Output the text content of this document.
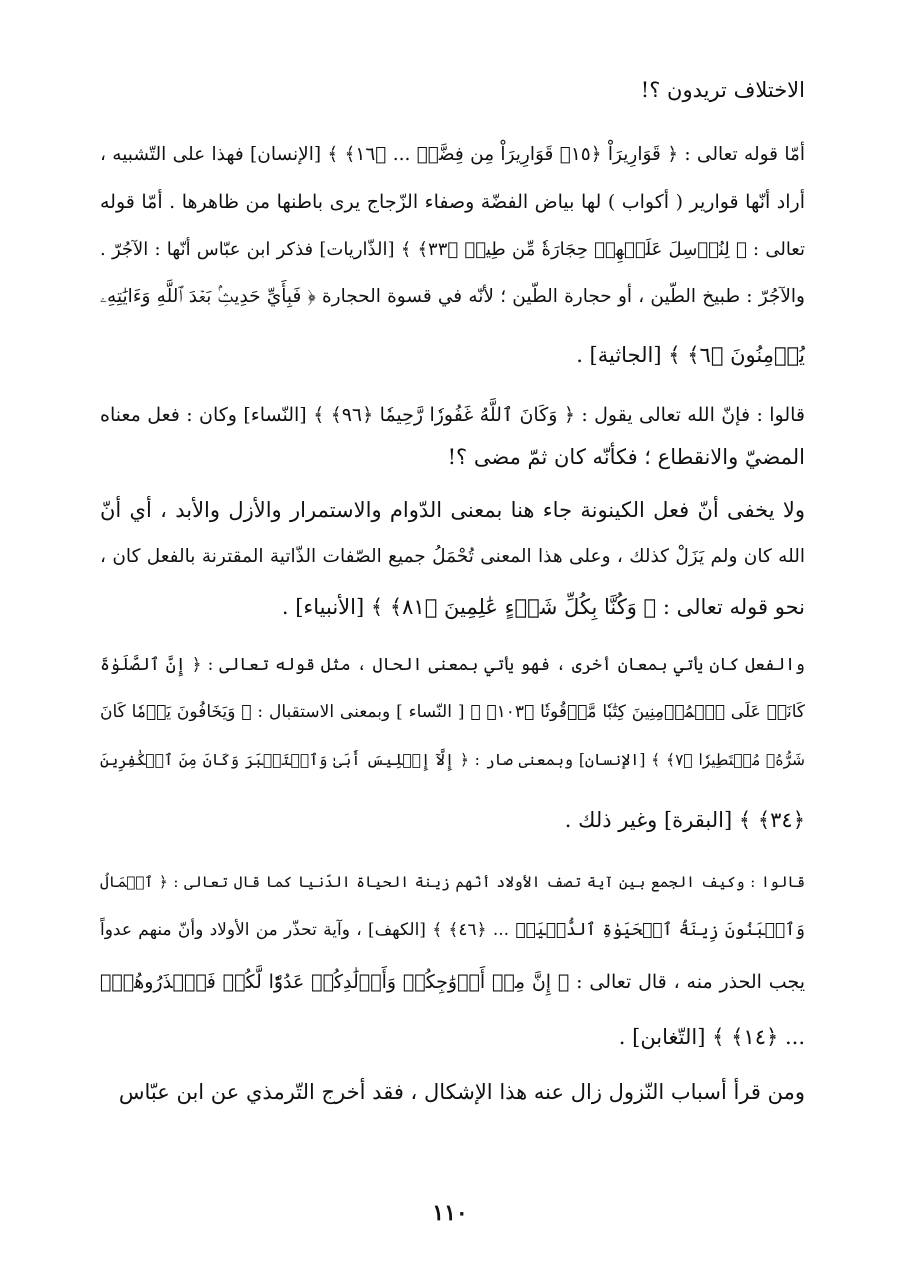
الاختلاف تريدون ؟!
أمّا قوله تعالى : ﴿ قَوَارِيرَاْ ﴿١٥﴾ قَوَارِيرَاْ مِن فِضَّةٖ ... ﴿١٦﴾ ﴾ [الإنسان] فهذا على التّشبيه ،
أراد أنّها قوارير ( أكواب ) لها بياض الفضّة وصفاء الزّجاج يرى باطنها من ظاهرها . أمّا قوله
تعالى : ﴿ لِنُرۡسِلَ عَلَيۡهِمۡ حِجَارَةٗ مِّن طِينٖ ﴿٣٣﴾ ﴾ [الذّاريات] فذكر ابن عبّاس أنّها : الآجُرّ .
والآجُرّ : طبيخ الطّين ، أو حجارة الطّين ؛ لأنّه في قسوة الحجارة ﴿ فَبِأَيِّ حَدِيثِۢ بَعۡدَ ٱللَّهِ وَءَايَٰتِهِۦ
يُؤۡمِنُونَ ﴿٦﴾ ﴾ [الجاثية] .
قالوا : فإنّ الله تعالى يقول : ﴿ وَكَانَ ٱللَّهُ غَفُورٗا رَّحِيمٗا ﴿٩٦﴾ ﴾ [النّساء] وكان : فعل معناه
المضيّ والانقطاع ؛ فكأنّه كان ثمّ مضى ؟!
ولا يخفى أنّ فعل الكينونة جاء هنا بمعنى الدّوام والاستمرار والأزل والأبد ، أي أنّ
الله كان ولم يَزَلْ كذلك ، وعلى هذا المعنى تُحْمَلُ جميع الصّفات الذّاتية المقترنة بالفعل كان ،
نحو قوله تعالى : ﴿ وَكُنَّا بِكُلِّ شَيۡءٍ عَٰلِمِينَ ﴿٨١﴾ ﴾ [الأنبياء] .
والفعل كان يأتي بمعان أخرى ، فهو يأتي بمعنى الحال ، مثل قوله تعالى : ﴿ إِنَّ ٱلصَّلَوٰةَ
كَانَتۡ عَلَى ٱلۡمُؤۡمِنِينَ كِتَٰبٗا مَّوۡقُوتٗا ﴿١٠٣﴾ ﴾ [ النّساء ] وبمعنى الاستقبال : ﴿ وَيَخَافُونَ يَوۡمٗا كَانَ
شَرُّهُۥ مُسۡتَطِيرٗا ﴿٧﴾ ﴾ [الإنسان] وبمعنى صار : ﴿ إِلَّآ إِبۡلِيسَ أَبَىٰ وَٱسۡتَكۡبَرَ وَكَانَ مِنَ ٱلۡكَٰفِرِينَ
﴿٣٤﴾ ﴾ [البقرة] وغير ذلك .
قالوا : وكيف الجمع بين آية تصف الأولاد أنّهم زينة الحياة الدّنيا كما قال تعالى : ﴿ ٱلۡمَالُ
وَٱلۡبَنُونَ زِينَةُ ٱلۡحَيَوٰةِ ٱلدُّنۡيَاۖ ... ﴿٤٦﴾ ﴾ [الكهف] ، وآية تحذّر من الأولاد وأنّ منهم عدواً
يجب الحذر منه ، قال تعالى : ﴿ إِنَّ مِنۡ أَزۡوَٰجِكُمۡ وَأَوۡلَٰدِكُمۡ عَدُوّٗا لَّكُمۡ فَٱحۡذَرُوهُمۡۚ
... ﴿١٤﴾ ﴾ [التّغابن] .
ومن قرأ أسباب النّزول زال عنه هذا الإشكال ، فقد أخرج التّرمذي عن ابن عبّاس
١١٠
